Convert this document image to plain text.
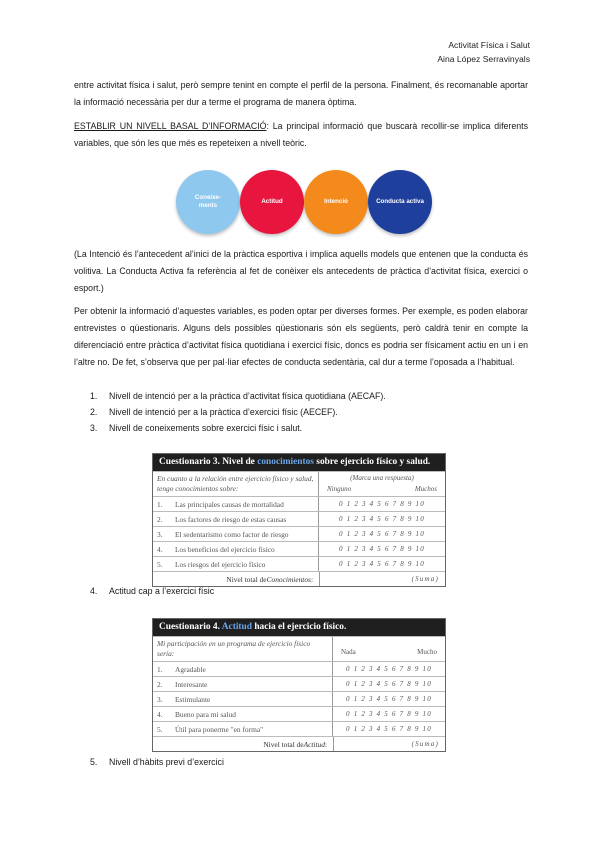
Activitat Física i Salut
Aina López Serravinyals
entre activitat física i salut, però sempre tenint en compte el perfil de la persona. Finalment, és recomanable aportar la informació necessària per dur a terme el programa de manera òptima.
ESTABLIR UN NIVELL BASAL D’INFORMACIÓ: La principal informació que buscarà recollir-se implica diferents variables, que són les que més es repeteixen a nivell teòric.
Coneixe-
ments
Actitud	Intenció	Conducta activa
(La Intenció és l’antecedent al’inici de la pràctica esportiva i implica aquells models que entenen que la conducta és volitiva. La Conducta Activa fa referència al fet de conèixer els antecedents de pràctica d’activitat física, exercici o esport.)
Per obtenir la informació d’aquestes variables, es poden optar per diverses formes. Per exemple, es poden elaborar entrevistes o qüestionaris. Alguns dels possibles qüestionaris són els següents, però caldrà tenir en compte la diferenciació entre pràctica d’activitat física quotidiana i exercici físic, doncs es podria ser físicament actiu en un i en l’altre no. De fet, s’observa que per pal·liar efectes de conducta sedentària, cal dur a terme l’oposada a l’habitual.
1. Nivell de intenció per a la pràctica d’activitat física quotidiana (AECAF).
2. Nivell de intenció per a la pràctica d’exercici físic (AECEF).
3. Nivell de coneixements sobre exercici físic i salut.
Cuestionario 3. Nivel de conocimientos sobre ejercicio físico y salud.
En cuanto a la relación entre ejercicio físico y salud, tengo conocimientos sobre:
(Marca una respuesta)
Ninguno	Muchos
1.	Las principales causas de mortalidad	0 1 2 3 4 5 6 7 8 9 10
2.	Los factores de riesgo de estas causas	0 1 2 3 4 5 6 7 8 9 10
3.	El sedentarismo como factor de riesgo	0 1 2 3 4 5 6 7 8 9 10
4.	Los beneficios del ejercicio físico	0 1 2 3 4 5 6 7 8 9 10
5.	Los riesgos del ejercicio físico	0 1 2 3 4 5 6 7 8 9 10
Nivel total de Conocimientos :	(Suma)
4. Actitud cap a l’exercici físic
Cuestionario 4. Actitud hacia el ejercicio físico.
Mi participación en un programa de ejercicio físico sería:	Nada	Mucho
1.	Agradable	0 1 2 3 4 5 6 7 8 9 10
2.	Interesante	0 1 2 3 4 5 6 7 8 9 10
3.	Estimulante	0 1 2 3 4 5 6 7 8 9 10
4.	Bueno para mi salud	0 1 2 3 4 5 6 7 8 9 10
5.	Útil para ponerme "en forma"	0 1 2 3 4 5 6 7 8 9 10
Nivel total de Actitud :	(Suma)
5. Nivell d’hàbits previ d’exercici
